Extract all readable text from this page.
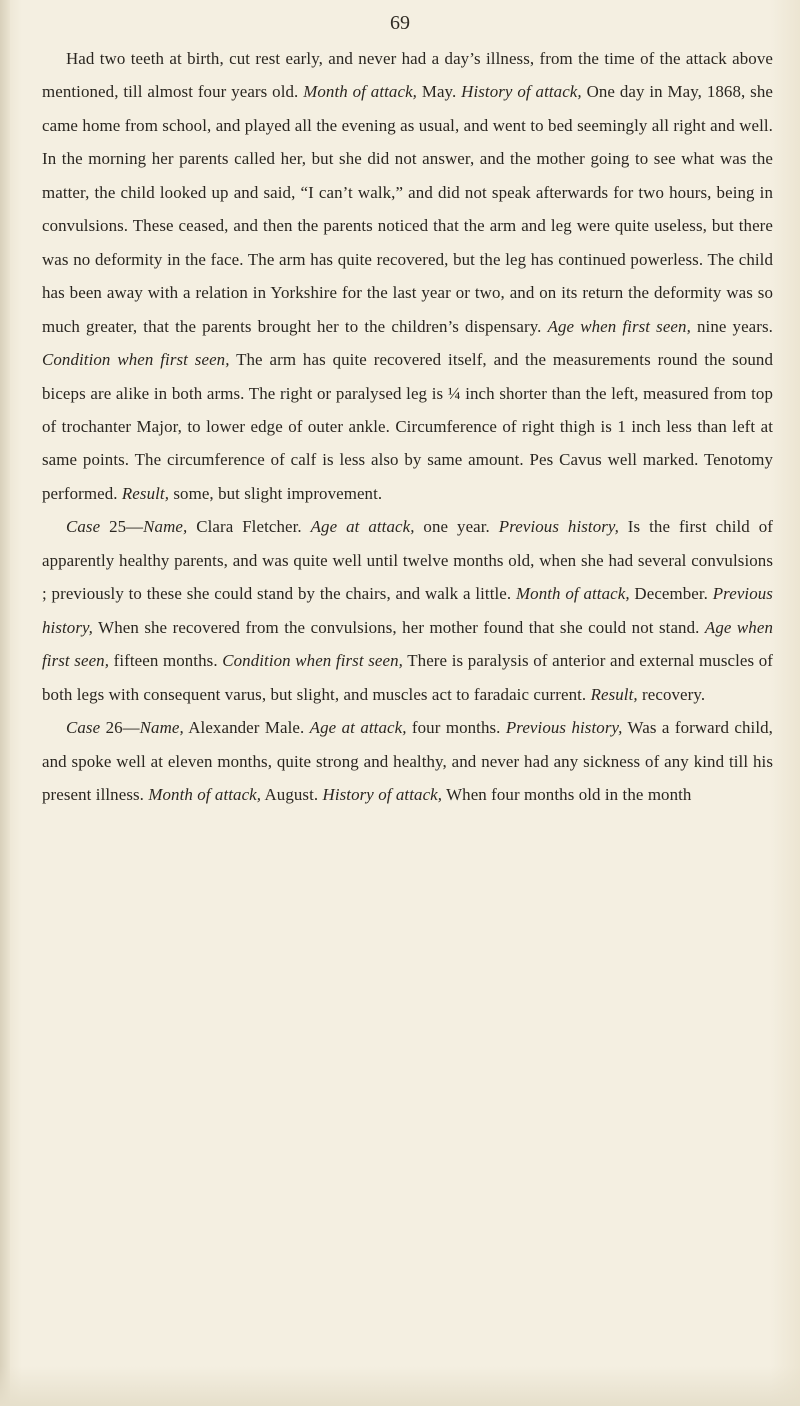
69

Had two teeth at birth, cut rest early, and never had a day’s illness, from the time of the attack above mentioned, till almost four years old. Month of attack, May. History of attack, One day in May, 1868, she came home from school, and played all the evening as usual, and went to bed seemingly all right and well. In the morning her parents called her, but she did not answer, and the mother going to see what was the matter, the child looked up and said, “I can’t walk,” and did not speak afterwards for two hours, being in convulsions. These ceased, and then the parents noticed that the arm and leg were quite useless, but there was no deformity in the face. The arm has quite recovered, but the leg has continued powerless. The child has been away with a relation in Yorkshire for the last year or two, and on its return the deformity was so much greater, that the parents brought her to the children’s dispensary. Age when first seen, nine years. Condition when first seen, The arm has quite recovered itself, and the measurements round the sound biceps are alike in both arms. The right or paralysed leg is ¼ inch shorter than the left, measured from top of trochanter Major, to lower edge of outer ankle. Circumference of right thigh is 1 inch less than left at same points. The circumference of calf is less also by same amount. Pes Cavus well marked. Tenotomy performed. Result, some, but slight improvement.

Case 25—Name, Clara Fletcher. Age at attack, one year. Previous history, Is the first child of apparently healthy parents, and was quite well until twelve months old, when she had several convulsions ; previously to these she could stand by the chairs, and walk a little. Month of attack, December. Previous history, When she recovered from the convulsions, her mother found that she could not stand. Age when first seen, fifteen months. Condition when first seen, There is paralysis of anterior and external muscles of both legs with consequent varus, but slight, and muscles act to faradaic current. Result, recovery.

Case 26—Name, Alexander Male. Age at attack, four months. Previous history, Was a forward child, and spoke well at eleven months, quite strong and healthy, and never had any sickness of any kind till his present illness. Month of attack, August. History of attack, When four months old in the month
